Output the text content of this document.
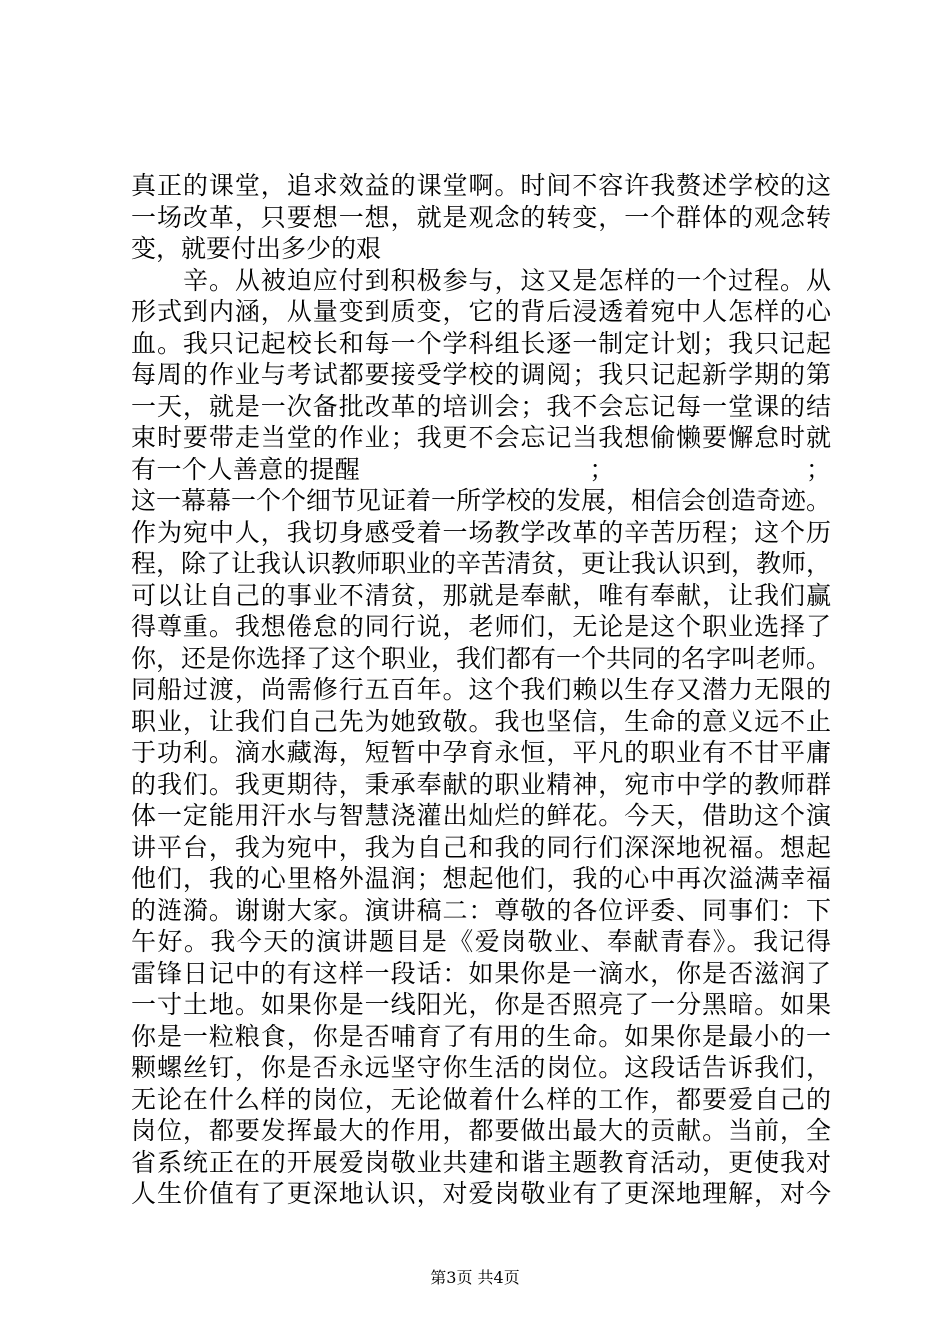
真正的课堂，追求效益的课堂啊。时间不容许我赘述学校的这
一场改革，只要想一想，就是观念的转变，一个群体的观念转
变，就要付出多少的艰
辛。从被迫应付到积极参与，这又是怎样的一个过程。从
形式到内涵，从量变到质变，它的背后浸透着宛中人怎样的心
血。我只记起校长和每一个学科组长逐一制定计划；我只记起
每周的作业与考试都要接受学校的调阅；我只记起新学期的第
一天，就是一次备批改革的培训会；我不会忘记每一堂课的结
束时要带走当堂的作业；我更不会忘记当我想偷懒要懈怠时就
有一个人善意的提醒　　　　　　　　　；　　　　　　　　；
这一幕幕一个个细节见证着一所学校的发展，相信会创造奇迹。
作为宛中人，我切身感受着一场教学改革的辛苦历程；这个历
程，除了让我认识教师职业的辛苦清贫，更让我认识到，教师，
可以让自己的事业不清贫，那就是奉献，唯有奉献，让我们赢
得尊重。我想倦怠的同行说，老师们，无论是这个职业选择了
你，还是你选择了这个职业，我们都有一个共同的名字叫老师。
同船过渡，尚需修行五百年。这个我们赖以生存又潜力无限的
职业，让我们自己先为她致敬。我也坚信，生命的意义远不止
于功利。滴水藏海，短暂中孕育永恒，平凡的职业有不甘平庸
的我们。我更期待，秉承奉献的职业精神，宛市中学的教师群
体一定能用汗水与智慧浇灌出灿烂的鲜花。今天，借助这个演
讲平台，我为宛中，我为自己和我的同行们深深地祝福。想起
他们，我的心里格外温润；想起他们，我的心中再次溢满幸福
的涟漪。谢谢大家。演讲稿二：尊敬的各位评委、同事们：下
午好。我今天的演讲题目是《爱岗敬业、奉献青春》。我记得
雷锋日记中的有这样一段话：如果你是一滴水，你是否滋润了
一寸土地。如果你是一线阳光，你是否照亮了一分黑暗。如果
你是一粒粮食，你是否哺育了有用的生命。如果你是最小的一
颗螺丝钉，你是否永远坚守你生活的岗位。这段话告诉我们，
无论在什么样的岗位，无论做着什么样的工作，都要爱自己的
岗位，都要发挥最大的作用，都要做出最大的贡献。当前，全
省系统正在的开展爱岗敬业共建和谐主题教育活动，更使我对
人生价值有了更深地认识，对爱岗敬业有了更深地理解，对今
第3页 共4页
